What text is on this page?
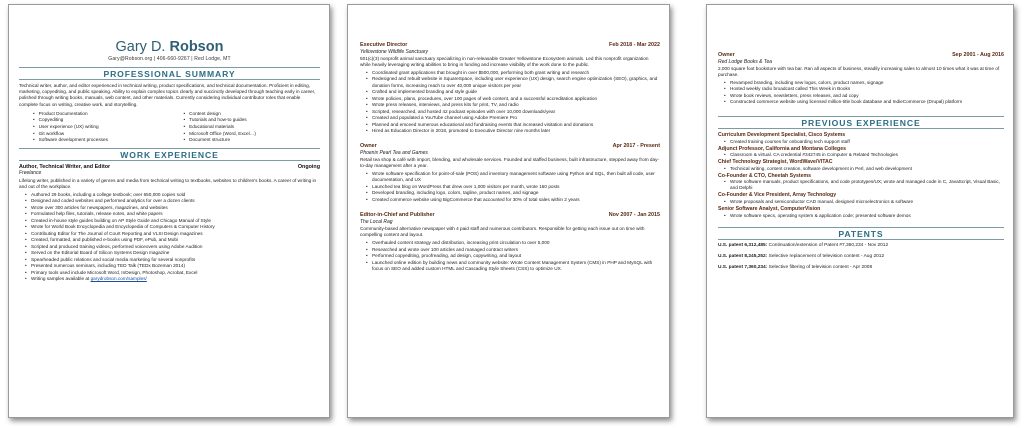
Gary D. Robson
Gary@Robson.org | 406-660-9267 | Red Lodge, MT
PROFESSIONAL SUMMARY

Technical writer, author, and editor experienced in technical writing, product specifications, and technical documentation. Proficient in editing, marketing, copyediting, and public speaking. Ability to explain complex topics clearly and succinctly developed through teaching early in career, polished through writing books, manuals, web content, and other materials. Currently considering individual contributor roles that enable complete focus on writing, creative work, and storytelling.

• Product Documentation
• Copyediting
• User experience (UX) writing
• Git workflow
• Software development processes
• Content design
• Tutorials and how-to guides
• Educational materials
• Microsoft Office (Word, Excel…)
• Document structure
WORK EXPERIENCE
Author, Technical Writer, and Editor	Ongoing
Freelance

Lifelong writer, published in a variety of genres and media from technical writing to textbooks, websites to children's books. A career of writing in and out of the workplace.

• Authored 29 books, including a college textbook; over 650,000 copies sold
• Designed and coded websites and performed analytics for over a dozen clients
• Wrote over 300 articles for newspapers, magazines, and websites
• Formulated help files, tutorials, release notes, and white papers
• Created in-house style guides building on AP Style Guide and Chicago Manual of Style
• Wrote for World Book Encyclopedia and Encyclopedia of Computers & Computer History
• Contributing Editor for The Journal of Court Reporting and VLSI Design magazines
• Created, formatted, and published e-books using PDF, ePub, and Mobi
• Scripted and produced training videos, performed voiceovers using Adobe Audition
• Served on the Editorial Board of Silicon Systems Design magazine
• Spearheaded public relations and social media marketing for several nonprofits
• Presented numerous seminars, including TED Talk (TEDx Bozeman 2014)
• Primary tools used include Microsoft Word, InDesign, Photoshop, Acrobat, Excel
• Writing samples available at garydrobson.com/samples/
Executive Director	Feb 2018 - Mar 2022
Yellowstone Wildlife Sanctuary

501(c)(3) nonprofit animal sanctuary specializing in non-releasable Greater Yellowstone Ecosystem animals. Led this nonprofit organization while heavily leveraging writing abilities to bring in funding and increase visibility of the work done to the public.

• Coordinated grant applications that brought in over $500,000, performing both grant writing and research
• Redesigned and rebuilt website in SquareSpace, including user experience (UX) design, search engine optimization (SEO), graphics, and donation forms, increasing reach to over 40,000 unique visitors per year
• Crafted and implemented branding and style guide
• Wrote policies, plans, procedures, over 100 pages of web content, and a successful accreditation application
• Wrote press releases, interviews, and press kits for print, TV, and radio
• Scripted, researched, and hosted 42 podcast episodes with over 10,000 downloads/year
• Created and populated a YouTube channel using Adobe Premiere Pro
• Planned and emceed numerous educational and fundraising events that increased visitation and donations
• Hired as Education Director in 2018, promoted to Executive Director nine months later
Owner	Apr 2017 - Present
Phoenix Pearl Tea and Games

Retail tea shop & café with import, blending, and wholesale services. Founded and staffed business, built infrastructure, stepped away from day-to-day management after a year.

• Wrote software specification for point-of-sale (POS) and inventory management software using Python and SQL, then built all code, user documentation, and UX
• Launched tea blog on WordPress that drew over 1,000 visitors per month, wrote 160 posts
• Developed branding, including logo, colors, tagline, product names, and signage
• Created commerce website using BigCommerce that accounted for 30% of total sales within 2 years
Editor-in-Chief and Publisher	Nov 2007 - Jan 2015
The Local Rag

Community-based alternative newspaper with 4 paid staff and numerous contributors. Responsible for getting each issue out on time with compelling content and layout.

• Overhauled content strategy and distribution, increasing print circulation to over 5,000
• Researched and wrote over 100 articles and managed contract writers
• Performed copyediting, proofreading, ad design, copywriting, and layout
• Launched online edition by building news and community website: Wrote Content Management System (CMS) in PHP and MySQL with focus on SEO and added custom HTML and Cascading Style Sheets (CSS) to optimize UX.
Owner	Sep 2001 - Aug 2016
Red Lodge Books & Tea

2,000 square foot bookstore with tea bar. Ran all aspects of business, steadily increasing sales to almost 10 times what it was at time of purchase.

• Revamped branding, including new logos, colors, product names, signage
• Hosted weekly radio broadcast called This Week in Books
• Wrote book reviews, newsletters, press releases, and ad copy
• Constructed commerce website using licensed million-title book database and IndieCommerce (Drupal) platform
PREVIOUS EXPERIENCE
Curriculum Development Specialist, Cisco Systems
• Created training courses for onboarding tech support staff
Adjunct Professor, California and Montana Colleges
• Classroom & virtual. CA credential #342745 in Computer & Related Technologies
Chief Technology Strategist, WordWave/VITAC
• Technical writing, content creation, software development in Perl, and web development
Co-Founder & CTO, Cheetah Systems
• Wrote software manuals, product specifications, and code prototypes/UX; wrote and managed code in C, JavaScript, Visual Basic, and Delphi
Co-Founder & Vice President, Array Technology
• Wrote proposals and semiconductor CAD manual, designed microelectronics & software
Senior Software Analyst, ComputerVision
• Wrote software specs, operating system & application code; presented software demos
PATENTS
U.S. patent 6,312,485: Continuation/extension of Patent #7,360,234 - Nov 2012
U.S. patent 8,245,252: Selective replacement of television content - Aug 2012
U.S. patent 7,360,234: Selective filtering of television content - Apr 2008
